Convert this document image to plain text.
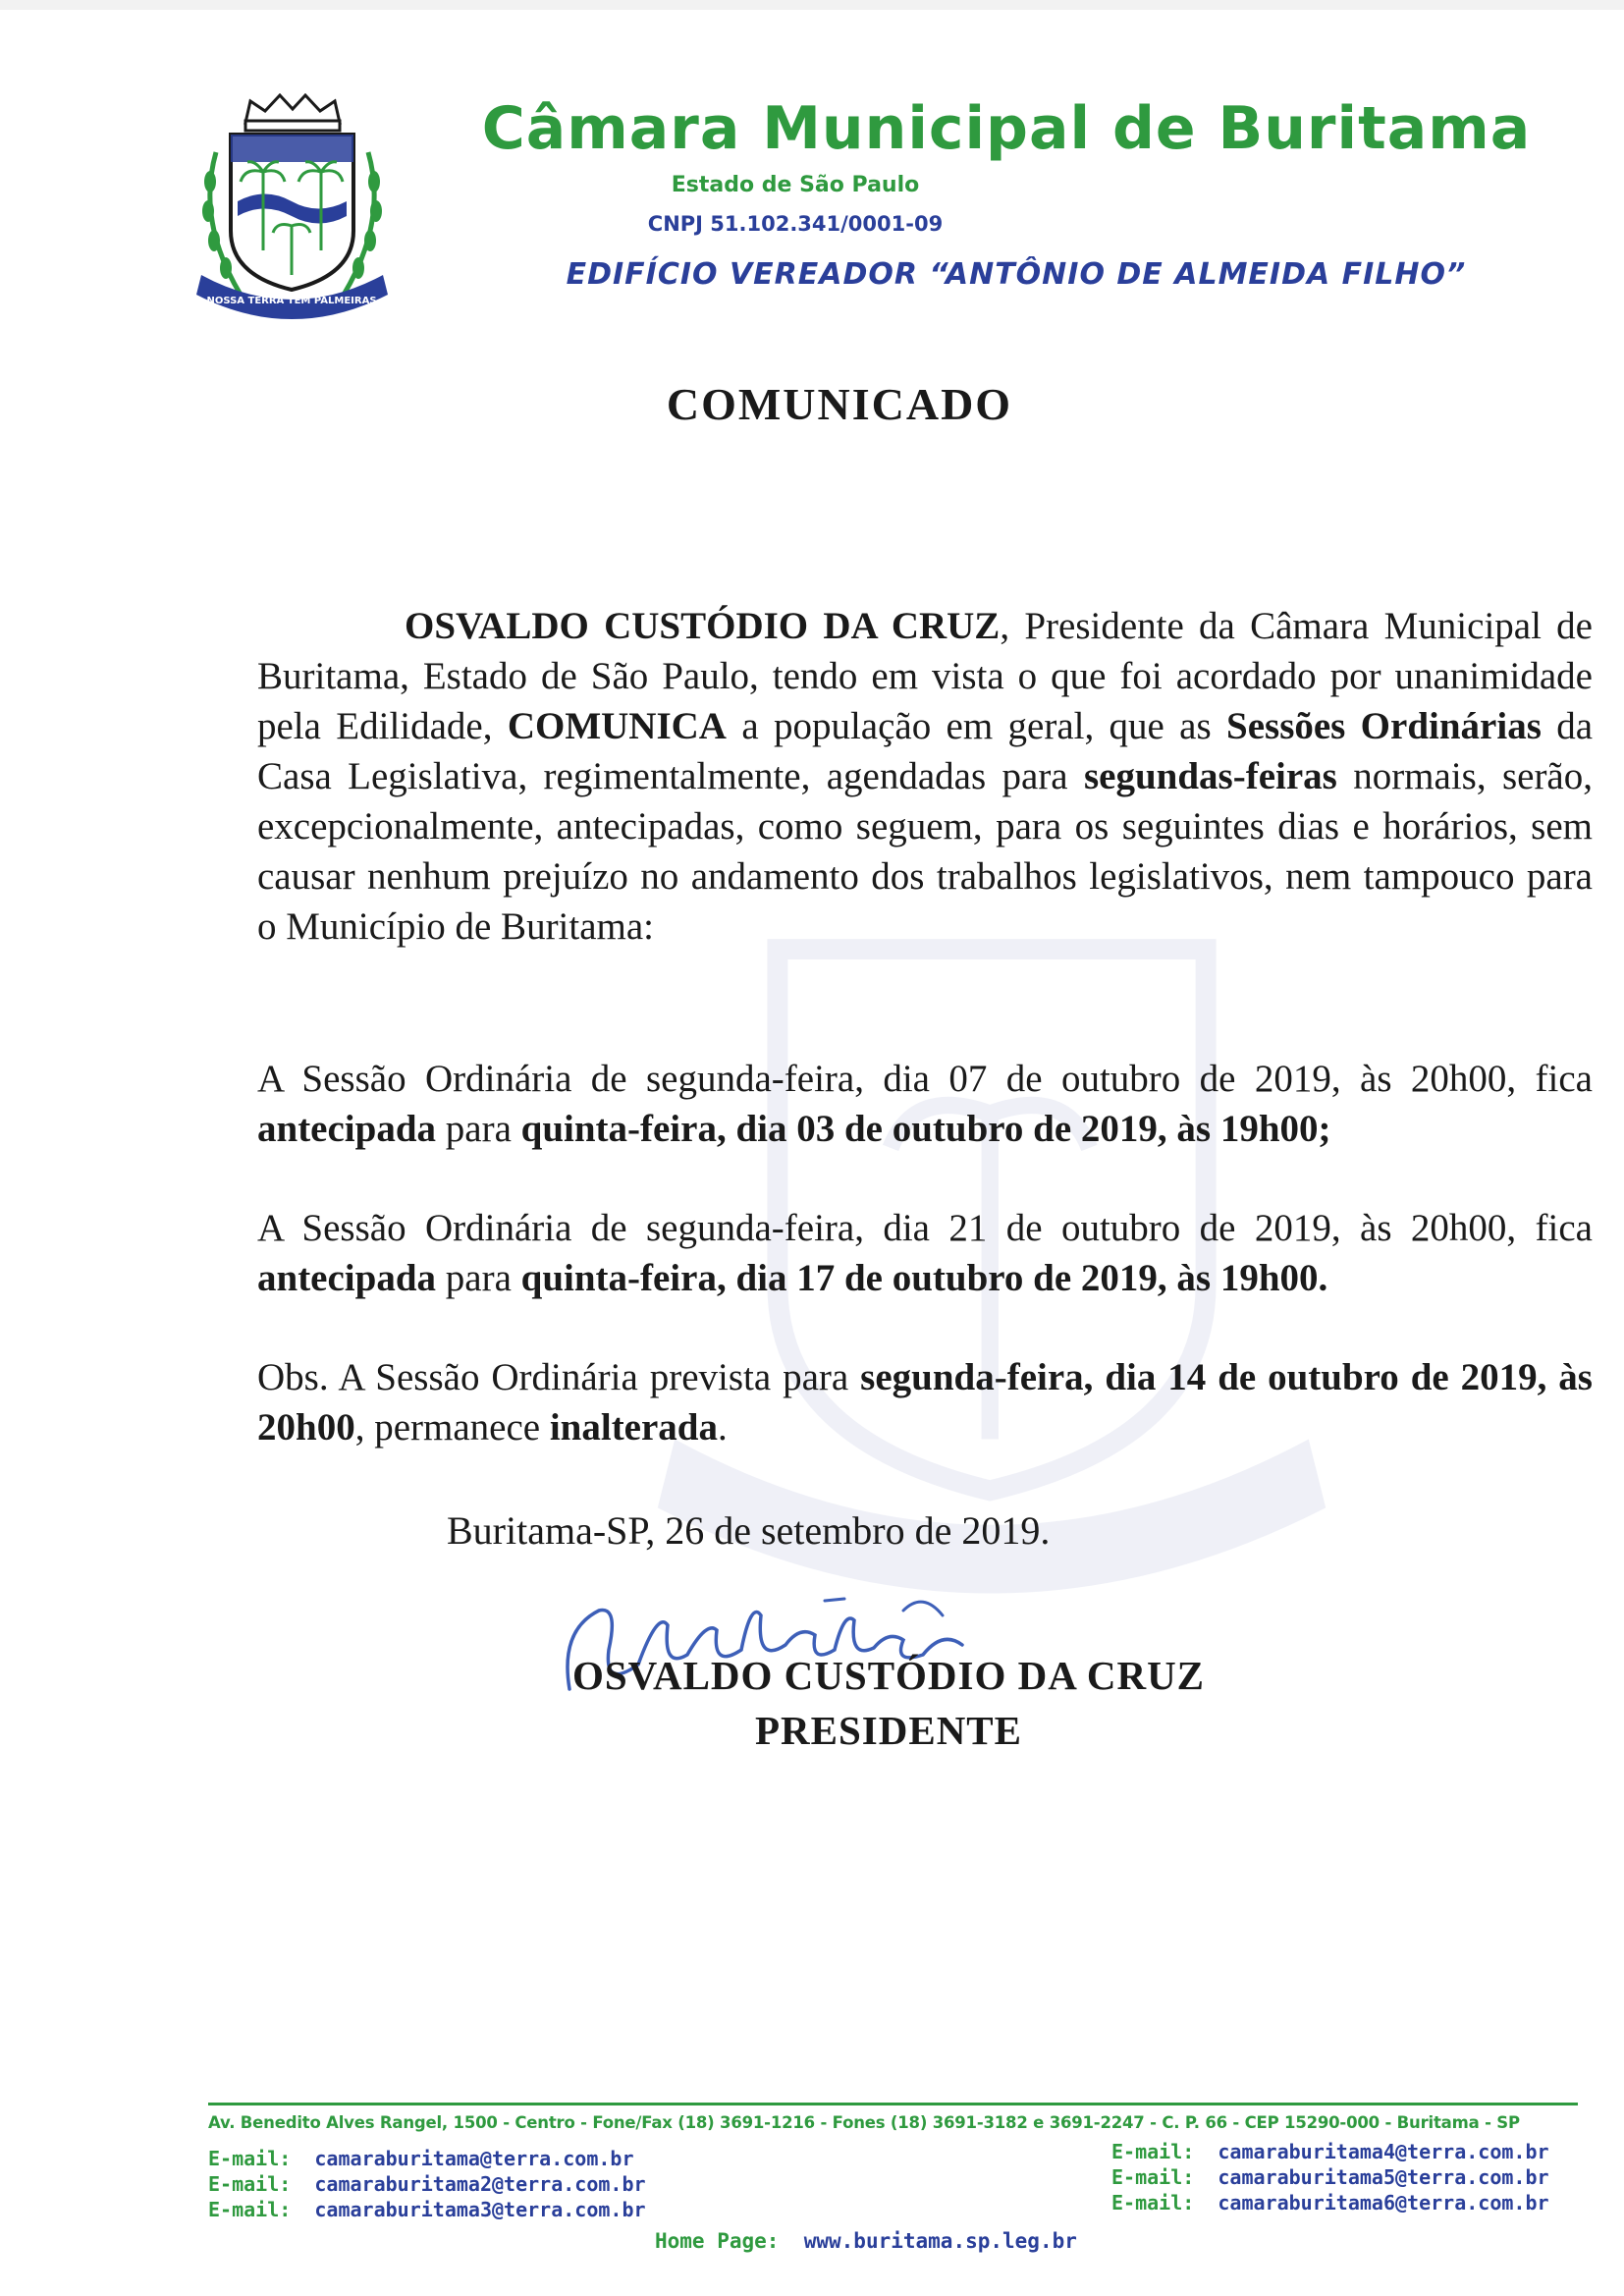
NOSSA TERRA TEM PALMEIRAS
Câmara Municipal de Buritama
Estado de São Paulo
CNPJ 51.102.341/0001-09
EDIFÍCIO VEREADOR “ANTÔNIO DE ALMEIDA FILHO”
COMUNICADO
OSVALDO CUSTÓDIO DA CRUZ, Presidente da Câmara Municipal de Buritama, Estado de São Paulo, tendo em vista o que foi acordado por unanimidade pela Edilidade, COMUNICA a população em geral, que as Sessões Ordinárias da Casa Legislativa, regimentalmente, agendadas para segundas-feiras normais, serão, excepcionalmente, antecipadas, como seguem, para os seguintes dias e horários, sem causar nenhum prejuízo no andamento dos trabalhos legislativos, nem tampouco para o Município de Buritama:
A Sessão Ordinária de segunda-feira, dia 07 de outubro de 2019, às 20h00, fica antecipada para quinta-feira, dia 03 de outubro de 2019, às 19h00;
A Sessão Ordinária de segunda-feira, dia 21 de outubro de 2019, às 20h00, fica antecipada para quinta-feira, dia 17 de outubro de 2019, às 19h00.
Obs. A Sessão Ordinária prevista para segunda-feira, dia 14 de outubro de 2019, às 20h00, permanece inalterada.
Buritama-SP, 26 de setembro de 2019.
OSVALDO CUSTÓDIO DA CRUZ
PRESIDENTE
Av. Benedito Alves Rangel, 1500 - Centro - Fone/Fax (18) 3691-1216 - Fones (18) 3691-3182 e 3691-2247 - C. P. 66 - CEP 15290-000 - Buritama - SP
E-mail: camaraburitama@terra.com.br
E-mail: camaraburitama2@terra.com.br
E-mail: camaraburitama3@terra.com.br
E-mail: camaraburitama4@terra.com.br
E-mail: camaraburitama5@terra.com.br
E-mail: camaraburitama6@terra.com.br
Home Page: www.buritama.sp.leg.br
